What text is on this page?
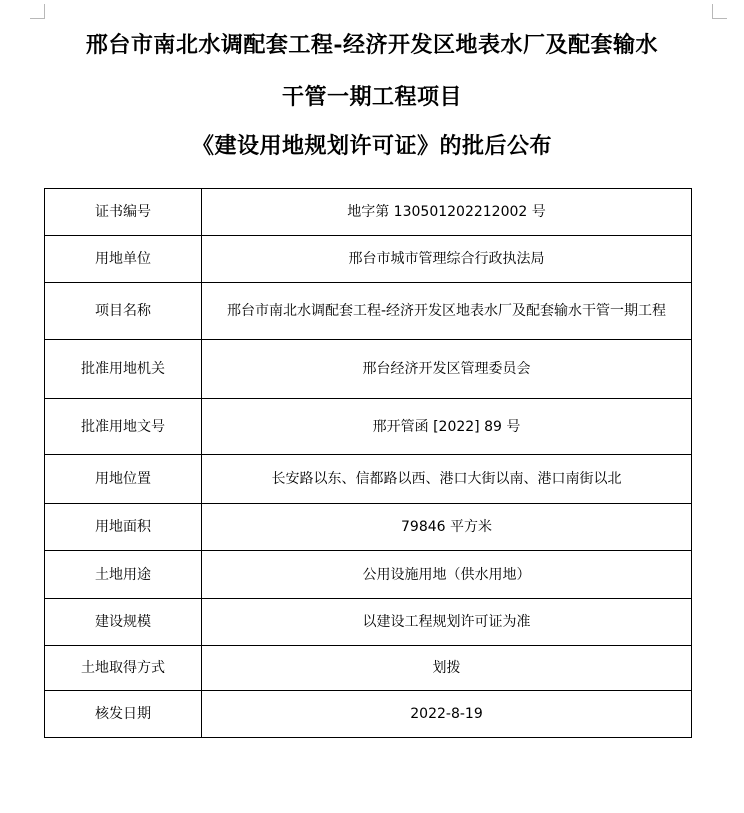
邢台市南北水调配套工程-经济开发区地表水厂及配套输水
干管一期工程项目
《建设用地规划许可证》的批后公布
证书编号	地字第 130501202212002 号
用地单位	邢台市城市管理综合行政执法局
项目名称	邢台市南北水调配套工程-经济开发区地表水厂及配套输水干管一期工程
批准用地机关	邢台经济开发区管理委员会
批准用地文号	邢开管函 [2022] 89 号
用地位置	长安路以东、信都路以西、港口大街以南、港口南街以北
用地面积	79846 平方米
土地用途	公用设施用地（供水用地）
建设规模	以建设工程规划许可证为准
土地取得方式	划拨
核发日期	2022-8-19
